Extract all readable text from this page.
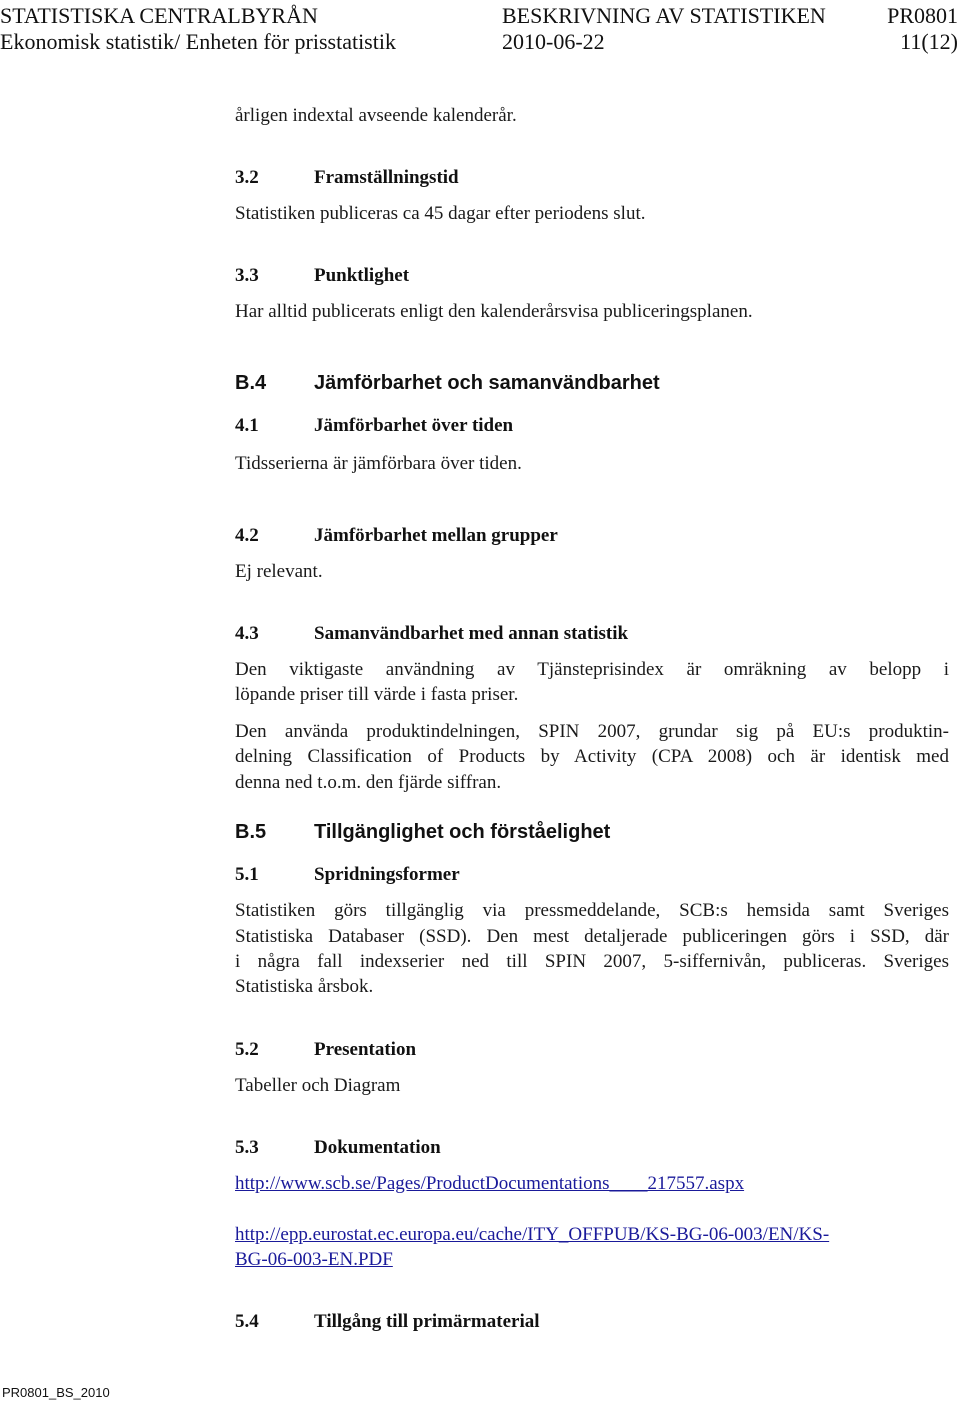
STATISTISKA CENTRALBYRÅN	BESKRIVNING AV STATISTIKEN	PR0801
Ekonomisk statistik/ Enheten för prisstatistik	2010-06-22	11(12)
årligen indextal avseende kalenderår.
3.2	Framställningstid
Statistiken publiceras ca 45 dagar efter periodens slut.
3.3	Punktlighet
Har alltid publicerats enligt den kalenderårsvisa publiceringsplanen.
B.4 Jämförbarhet och samanvändbarhet
4.1	Jämförbarhet över tiden
Tidsserierna är jämförbara över tiden.
4.2	Jämförbarhet mellan grupper
Ej relevant.
4.3	Samanvändbarhet med annan statistik
Den viktigaste användning av Tjänsteprisindex är omräkning av belopp i
löpande priser till värde i fasta priser.
Den använda produktindelningen, SPIN 2007, grundar sig på EU:s produktin-
delning Classification of Products by Activity (CPA 2008) och är identisk med
denna ned t.o.m. den fjärde siffran.
B.5 Tillgänglighet och förståelighet
5.1	Spridningsformer
Statistiken görs tillgänglig via pressmeddelande, SCB:s hemsida samt Sveriges
Statistiska Databaser (SSD). Den mest detaljerade publiceringen görs i SSD, där
i några fall indexserier ned till SPIN 2007, 5-siffernivån, publiceras. Sveriges
Statistiska årsbok.
5.2	Presentation
Tabeller och Diagram
5.3	Dokumentation
http://www.scb.se/Pages/ProductDocumentations____217557.aspx
http://epp.eurostat.ec.europa.eu/cache/ITY_OFFPUB/KS-BG-06-003/EN/KS-
BG-06-003-EN.PDF
5.4	Tillgång till primärmaterial
PR0801_BS_2010
